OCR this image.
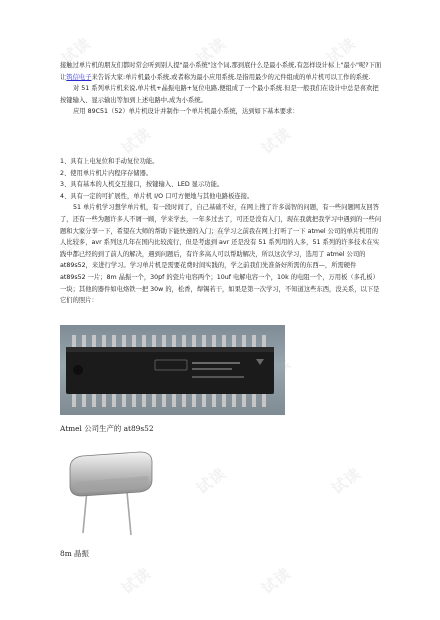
试读	试读	试读
试读	试读
试读	试读	试读
试读	试读
试读	试读

接触过单片机的朋友们都时常会听到别人提"最小系统"这个词,那到底什么是最小系统,有怎样设计标上"最小"呢?下面让筑信电子来告诉大家:单片机最小系统,或者称为最小应用系统,是指用最少的元件组成的单片机可以工作的系统.

对 51 系列单片机来说,单片机+晶振电路+复位电路,便组成了一个最小系统.但是一般我们在设计中总是喜欢把按键输入、显示输出等加到上述电路中,成为小系统。

应用 89C51（52）单片机设计并制作一个单片机最小系统，达到如下基本要求：

1、具有上电复位和手动复位功能。

2、使用单片机片内程序存储器。

3、具有基本的人机交互接口，按键输入、LED 显示功能。

4、具有一定的可扩展性，单片机 I/O 口可方便地与其他电路板连接。

51 单片机学习想学单片机，有一段时间了，自己基础不好，在网上搜了许多弱智的问题，有一些问题网友回答了，还有一些为题许多人不屑一顾，学来学去，一年多过去了，可还是没有入门，现在我就把我学习中遇到的一些问题和大家分享一下，希望在大师的帮助下能快速的入门；在学习之前我在网上打听了一下 atmel 公司的单片机用的人比较多，avr 系列这几年在国内比较流行，但是考虑到 avr 还是没有 51 系列用的人多，51 系列的许多技术在实践中都已经的到了前人的解决，遇到问题后，有许多高人可以帮助解决，所以这次学习，选用了 atmel 公司的 at89s52，来进行学习。学习单片机是需要花费时间实践的，学之前我们先准备好所需的东西—，所需硬件 at89s52 一片；8m 晶振一个，30pf 的瓷片电容两个；10uf 电解电容一个，10k 的电阻一个，万用板（多孔板）一块；其他的器件如电烙铁一把 30w 的，松香，焊锡若干，如果是第一次学习，不知道这些东西，没关系，以下是它们的照片：

Atmel 公司生产的 at89s52
8m 晶振
